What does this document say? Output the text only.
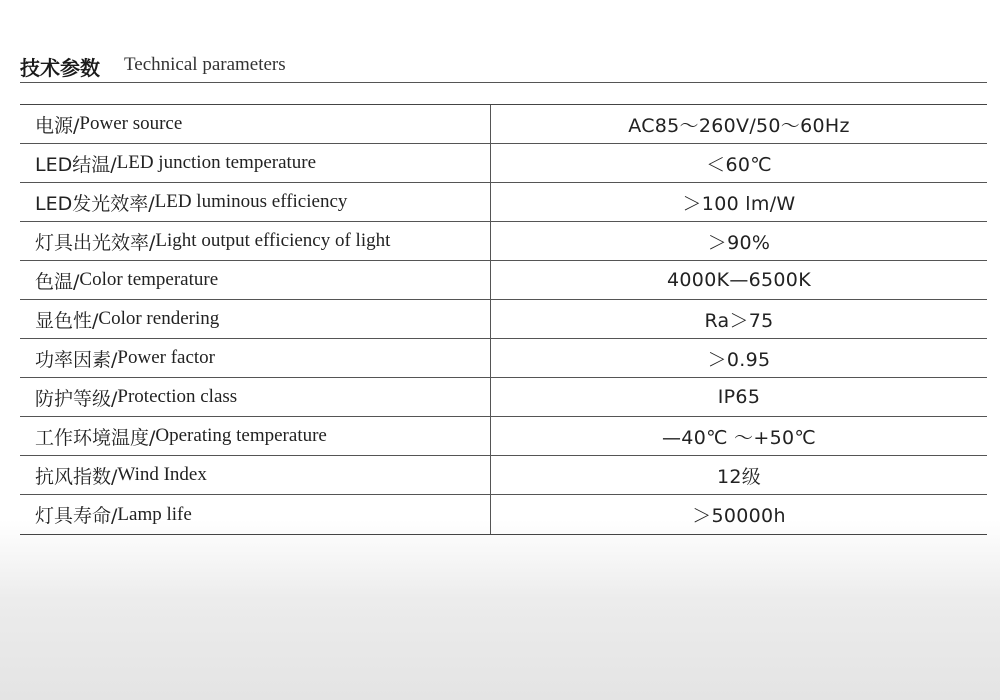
技术参数 Technical parameters
电源/ Power source	AC85～260V/50～60Hz
LED结温/ LED junction temperature	＜60℃
LED发光效率/ LED luminous efficiency	＞100 lm/W
灯具出光效率/ Light output efficiency of light	＞90%
色温/ Color temperature	4000K—6500K
显色性/ Color rendering	Ra＞75
功率因素/ Power factor	＞0.95
防护等级/ Protection class	IP65
工作环境温度/ Operating temperature	—40℃ ～+50℃
抗风指数/ Wind Index	12级
灯具寿命/ Lamp life	＞50000h
